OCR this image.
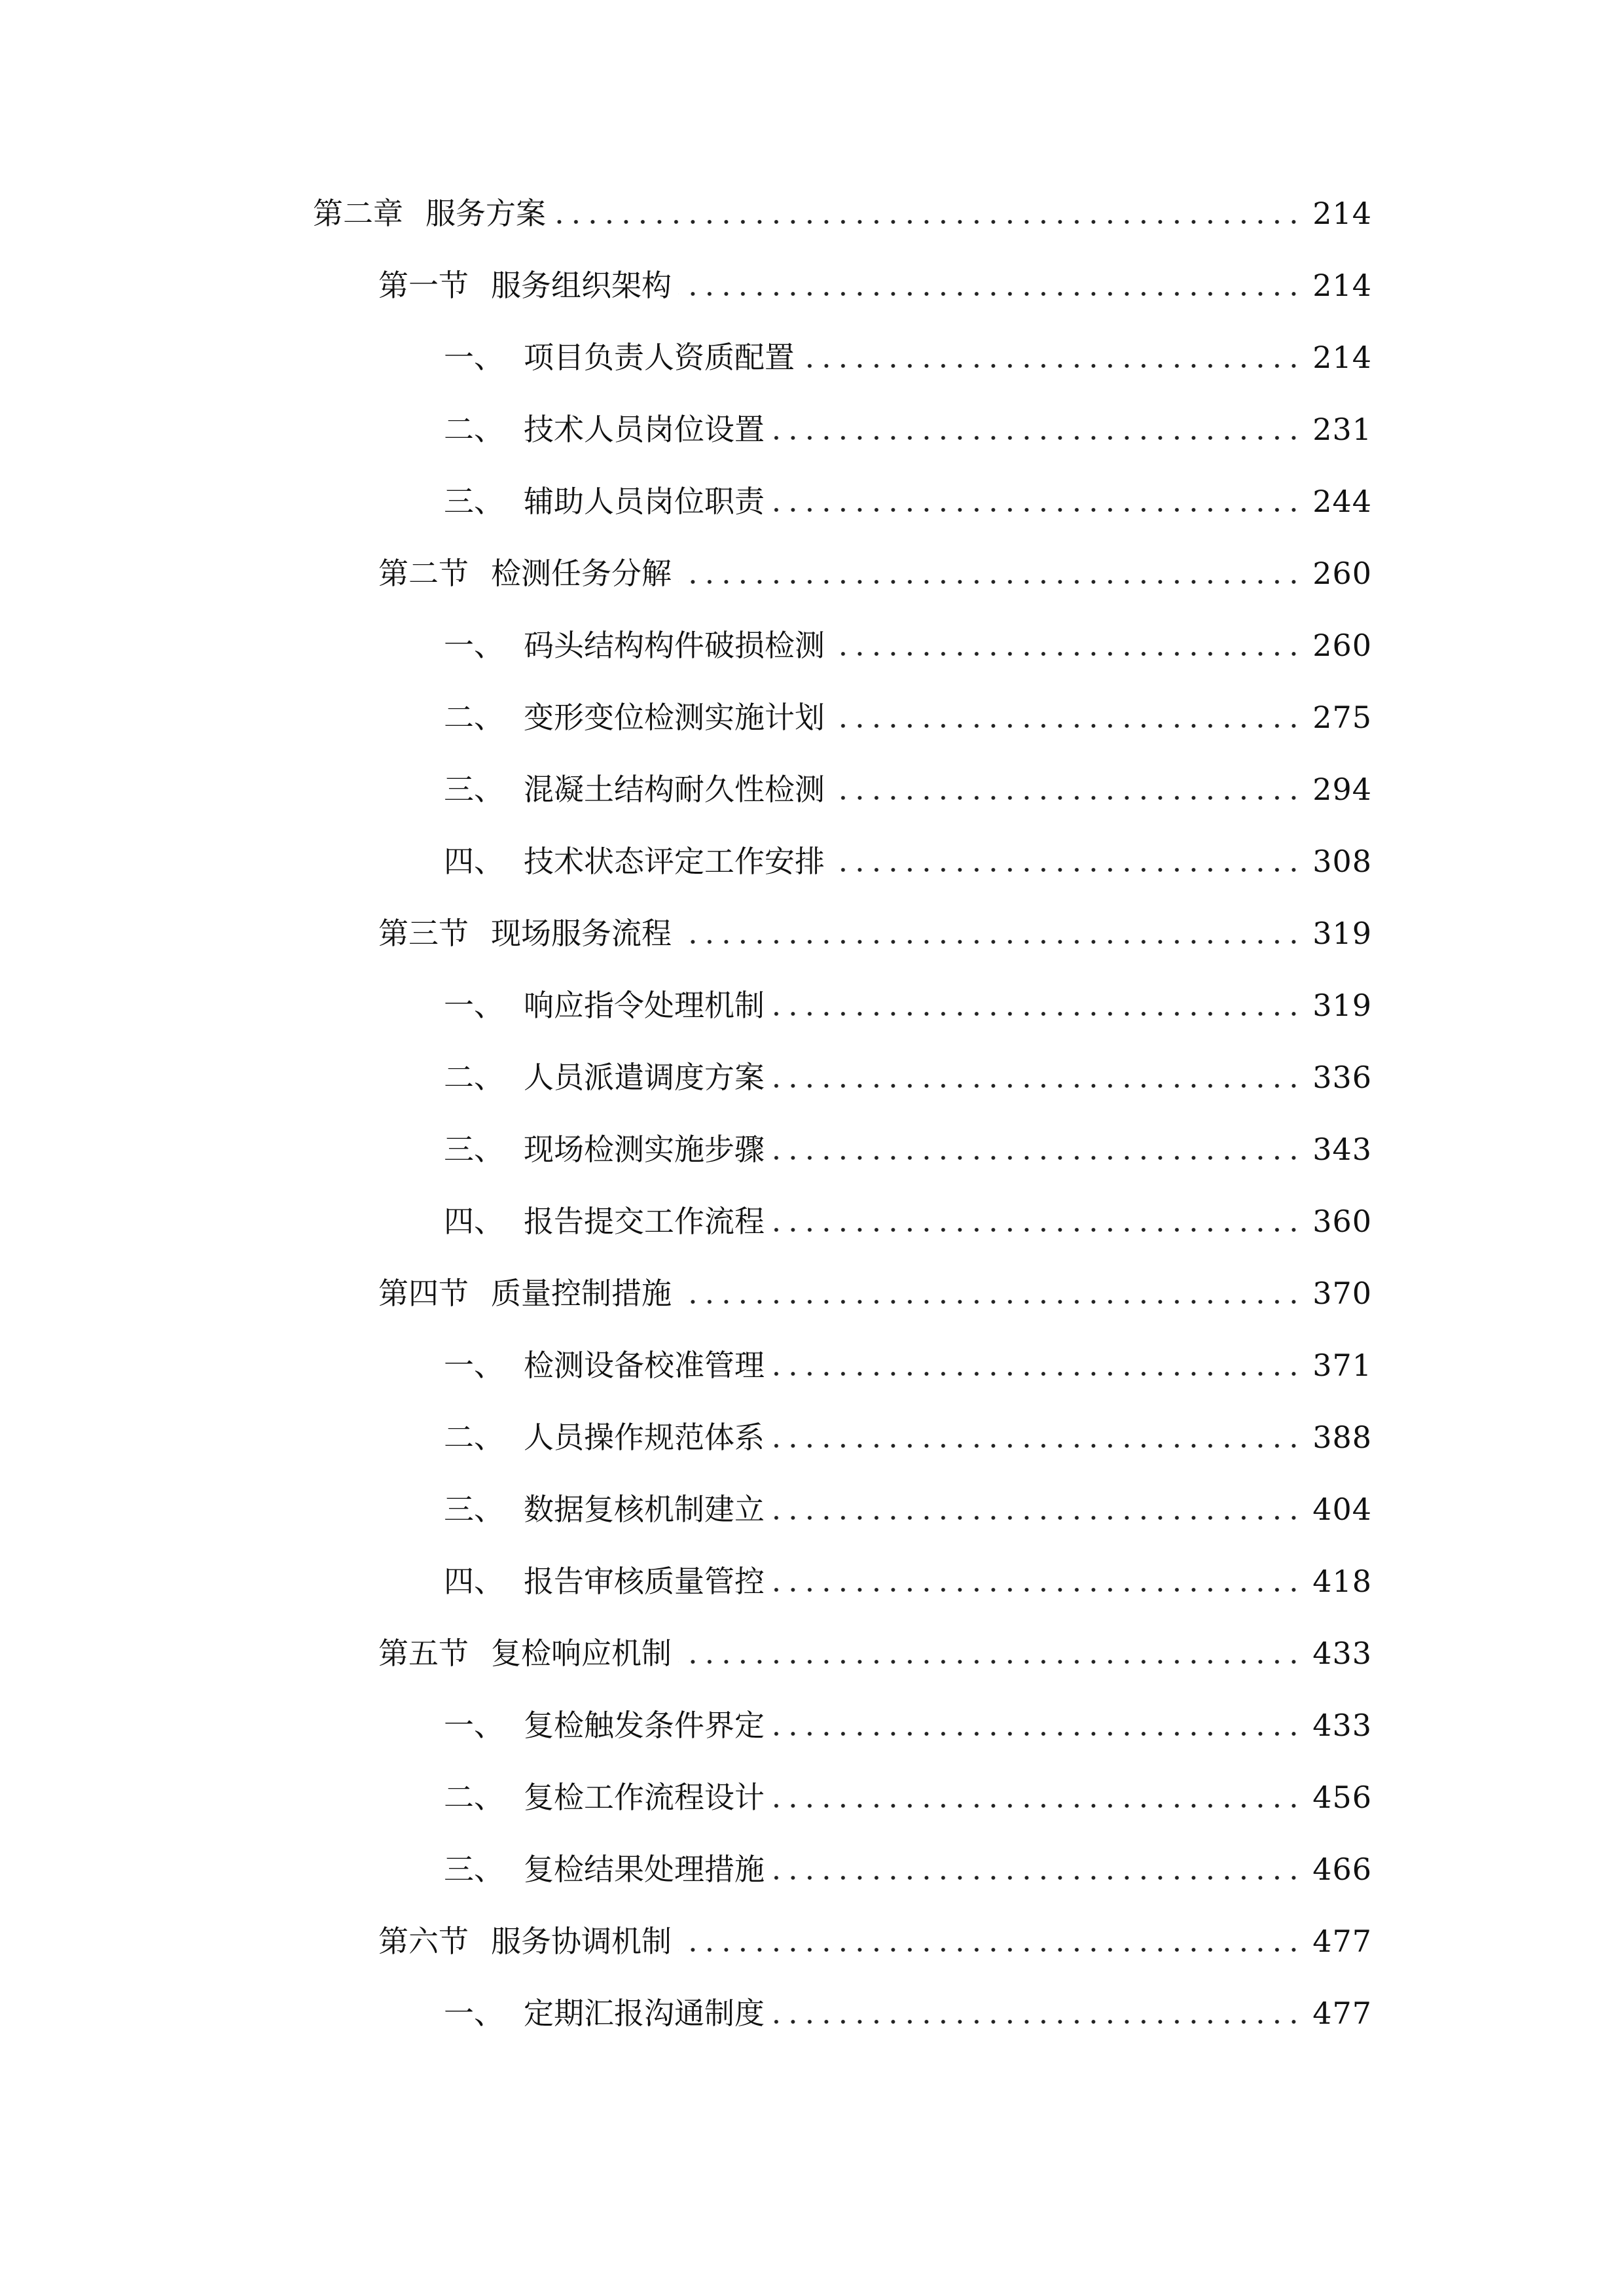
第二章 服务方案	214
第一节 服务组织架构	214
一、 项目负责人资质配置	214
二、 技术人员岗位设置	231
三、 辅助人员岗位职责	244
第二节 检测任务分解	260
一、 码头结构构件破损检测	260
二、 变形变位检测实施计划	275
三、 混凝土结构耐久性检测	294
四、 技术状态评定工作安排	308
第三节 现场服务流程	319
一、 响应指令处理机制	319
二、 人员派遣调度方案	336
三、 现场检测实施步骤	343
四、 报告提交工作流程	360
第四节 质量控制措施	370
一、 检测设备校准管理	371
二、 人员操作规范体系	388
三、 数据复核机制建立	404
四、 报告审核质量管控	418
第五节 复检响应机制	433
一、 复检触发条件界定	433
二、 复检工作流程设计	456
三、 复检结果处理措施	466
第六节 服务协调机制	477
一、 定期汇报沟通制度	477
